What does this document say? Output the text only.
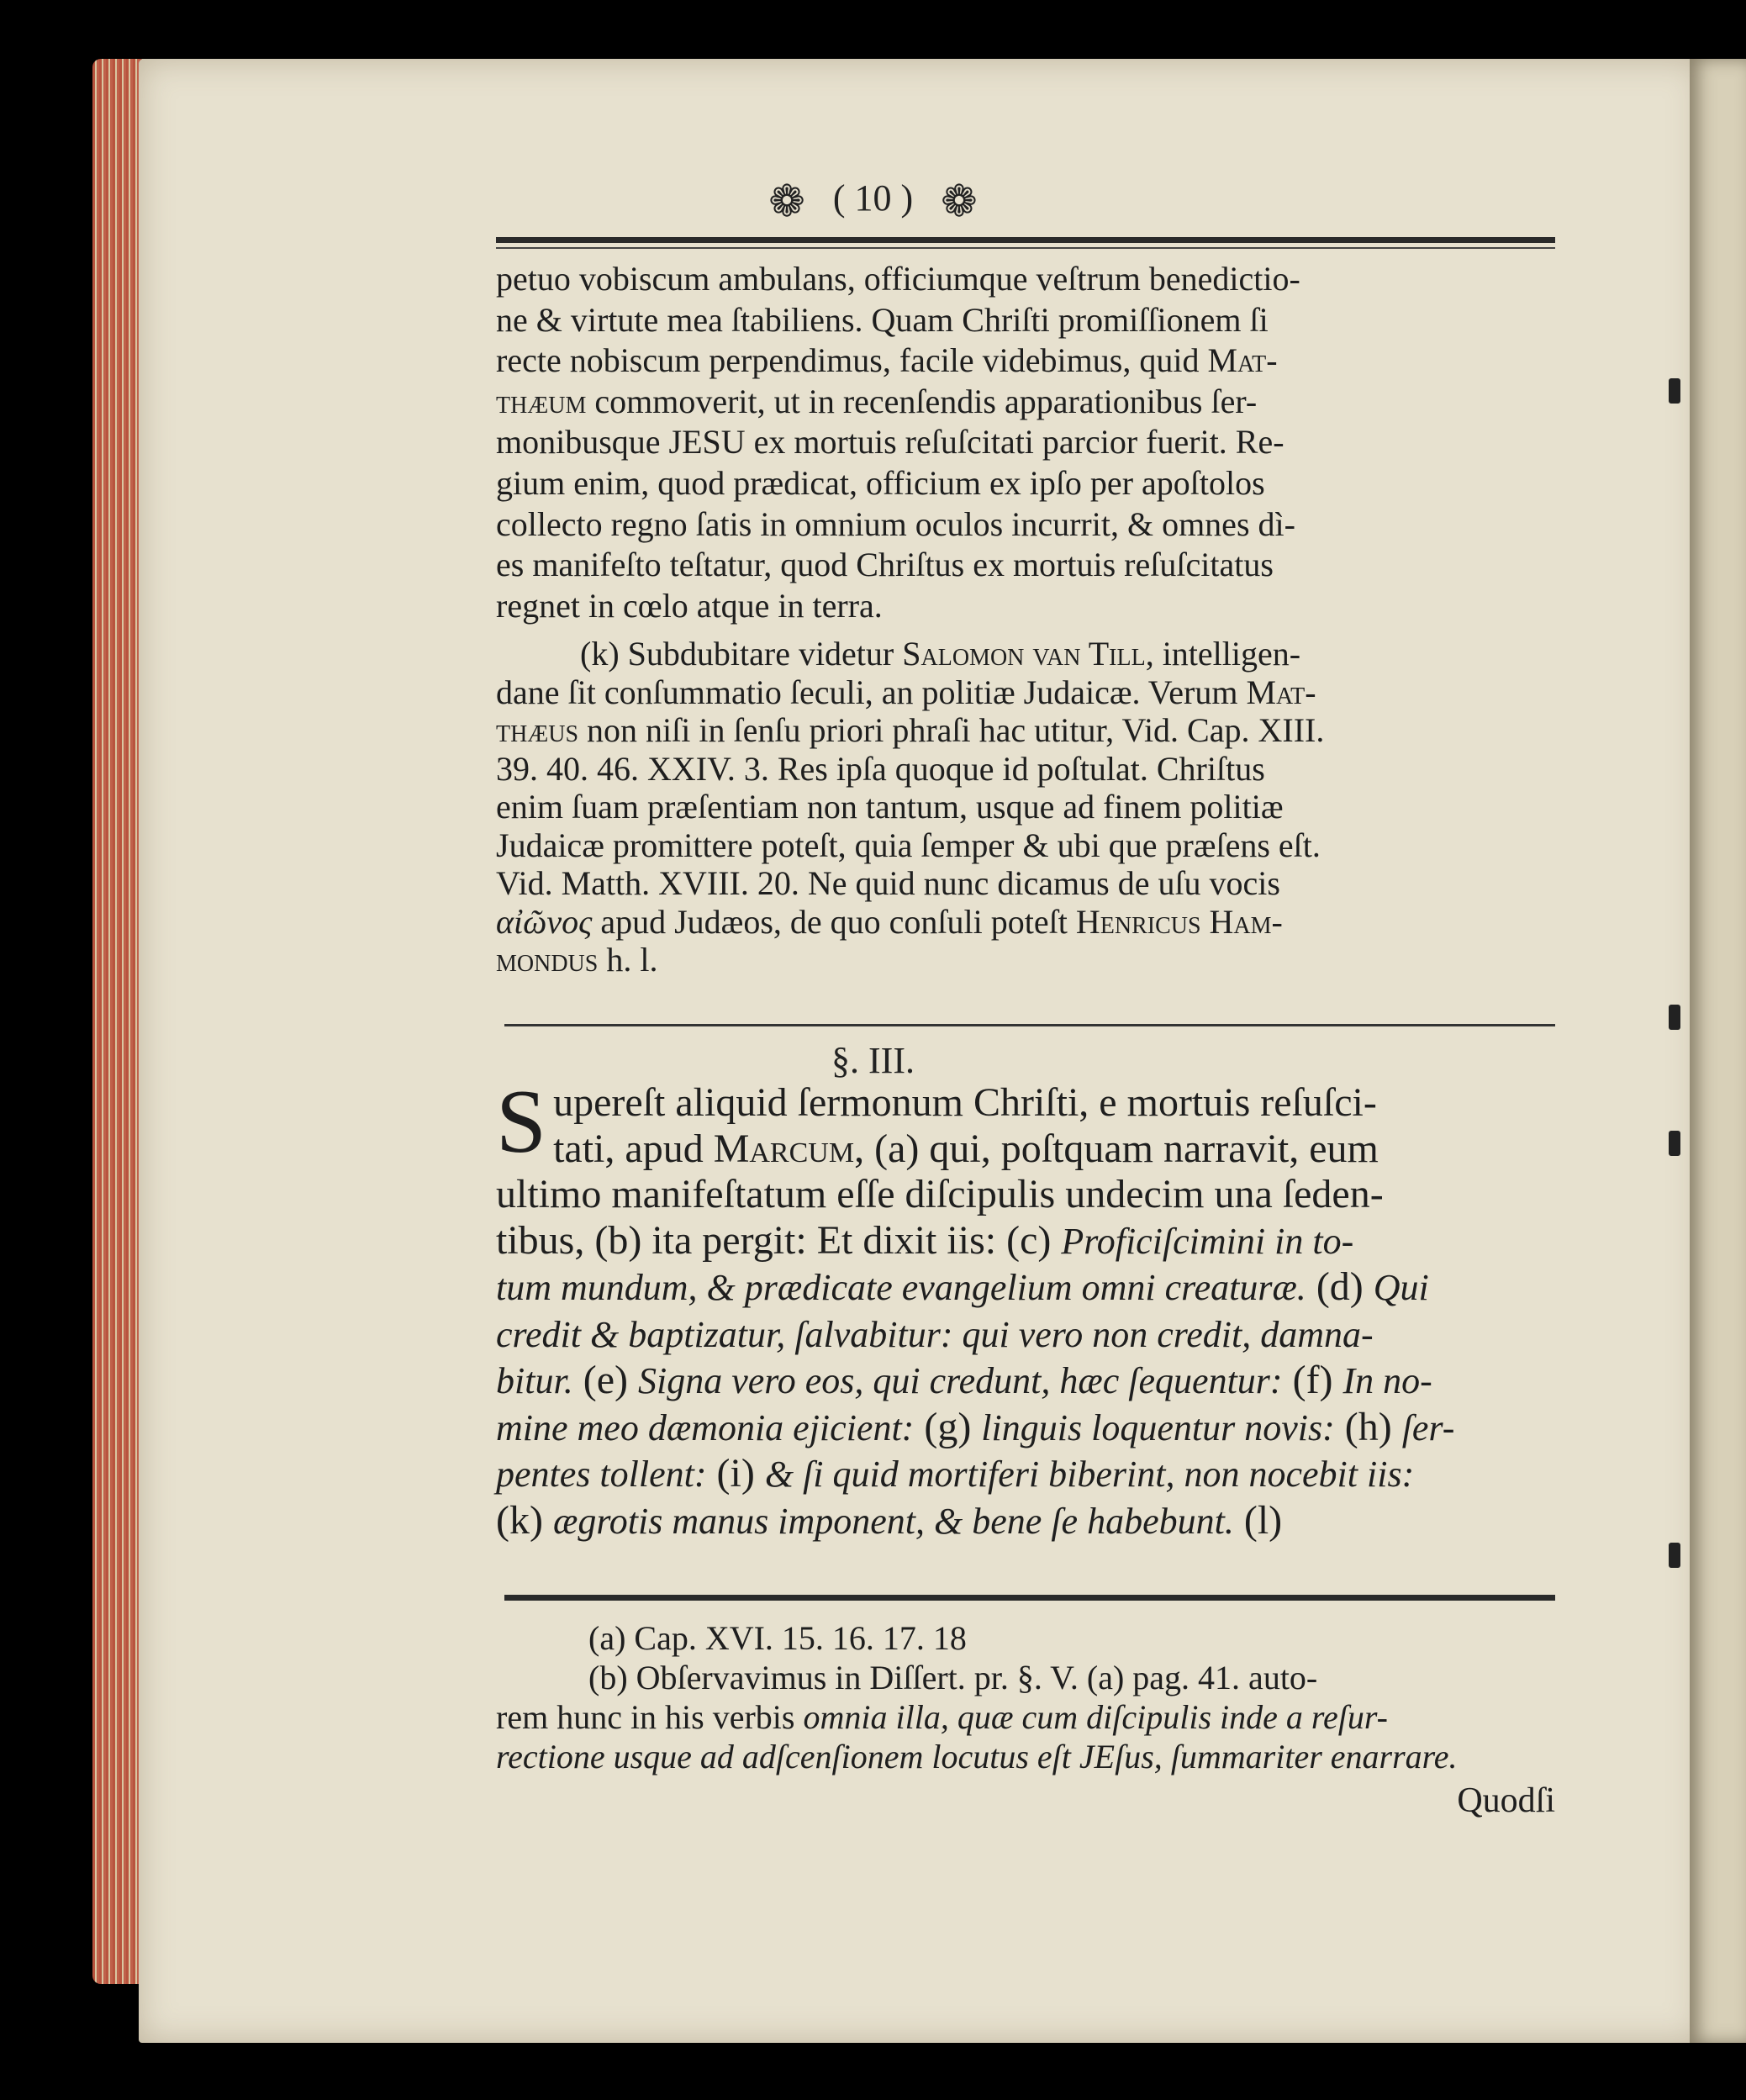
❁ ( 10 ) ❁
petuo vobiscum ambulans, officiumque veſtrum benedictio-
ne & virtute mea ſtabiliens. Quam Chriſti promiſſionem ſi
recte nobiscum perpendimus, facile videbimus, quid Mat-
thæum commoverit, ut in recenſendis apparationibus ſer-
monibusque JESU ex mortuis reſuſcitati parcior fuerit. Re-
gium enim, quod prædicat, officium ex ipſo per apoſtolos
collecto regno ſatis in omnium oculos incurrit, & omnes dì-
es manifeſto teſtatur, quod Chriſtus ex mortuis reſuſcitatus
regnet in cœlo atque in terra.
(k) Subdubitare videtur Salomon van Till, intelligen-
dane ſit conſummatio ſeculi, an politiæ Judaicæ. Verum Mat-
thæus non niſi in ſenſu priori phraſi hac utitur, Vid. Cap. XIII.
39. 40. 46. XXIV. 3. Res ipſa quoque id poſtulat. Chriſtus
enim ſuam præſentiam non tantum, usque ad finem politiæ
Judaicæ promittere poteſt, quia ſemper & ubi que præſens eſt.
Vid. Matth. XVIII. 20. Ne quid nunc dicamus de uſu vocis
αἰῶνος apud Judæos, de quo conſuli poteſt Henricus Ham-
mondus h. l.
§. III.
S upereſt aliquid ſermonum Chriſti, e mortuis reſuſci-
tati, apud Marcum, (a) qui, poſtquam narravit, eum
ultimo manifeſtatum eſſe diſcipulis undecim una ſeden-
tibus, (b) ita pergit: Et dixit iis: (c) Proficiſcimini in to-
tum mundum, & prædicate evangelium omni creaturæ. (d) Qui
credit & baptizatur, ſalvabitur: qui vero non credit, damna-
bitur. (e) Signa vero eos, qui credunt, hæc ſequentur: (f) In no-
mine meo dæmonia ejicient: (g) linguis loquentur novis: (h) ſer-
pentes tollent: (i) & ſi quid mortiferi biberint, non nocebit iis:
(k) ægrotis manus imponent, & bene ſe habebunt. (l)

(a) Cap. XVI. 15. 16. 17. 18

(b) Obſervavimus in Diſſert. pr. §. V. (a) pag. 41. auto-
rem hunc in his verbis omnia illa, quæ cum diſcipulis inde a reſur-
rectione usque ad adſcenſionem locutus eſt JEſus, ſummariter enarrare.

Quodſi
